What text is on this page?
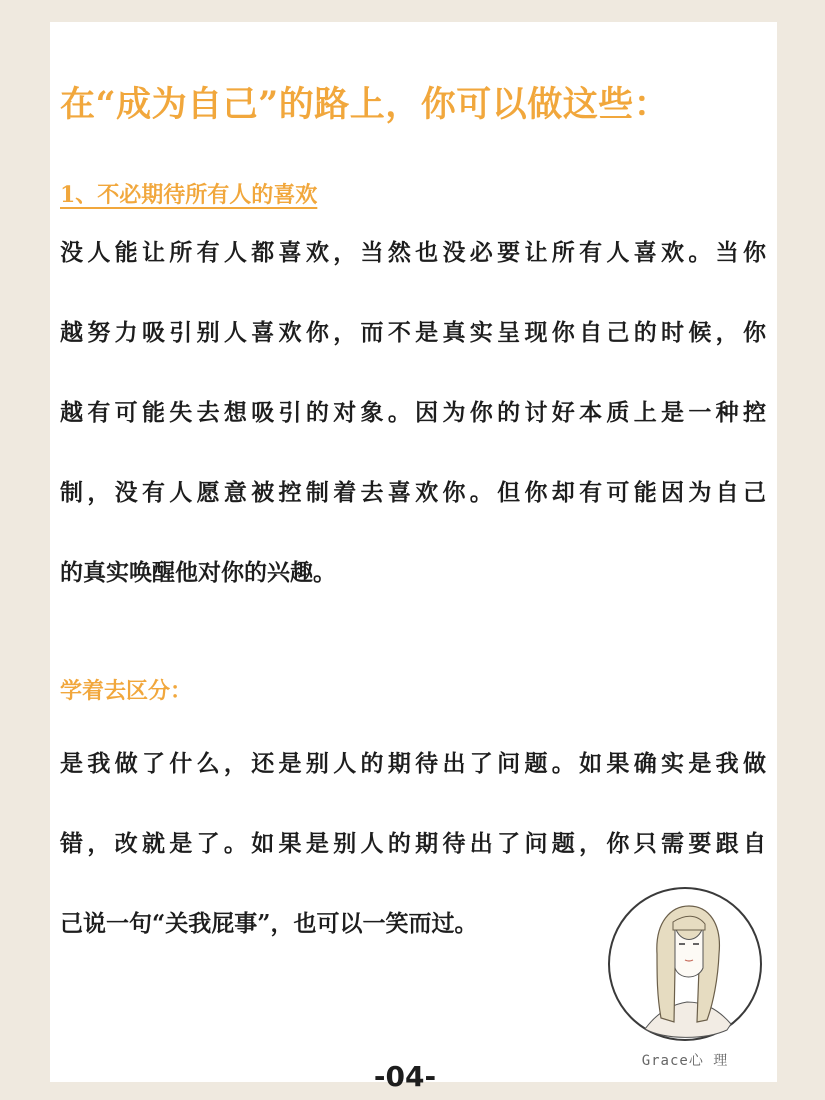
在“成为自己”的路上，你可以做这些：
1、不必期待所有人的喜欢
没人能让所有人都喜欢，当然也没必要让所有人喜欢。当你
越努力吸引别人喜欢你，而不是真实呈现你自己的时候，你
越有可能失去想吸引的对象。因为你的讨好本质上是一种控
制，没有人愿意被控制着去喜欢你。但你却有可能因为自己
的真实唤醒他对你的兴趣。
学着去区分：
是我做了什么，还是别人的期待出了问题。如果确实是我做
错，改就是了。如果是别人的期待出了问题，你只需要跟自
己说一句“关我屁事”，也可以一笑而过。
Grace心 理
-04-
